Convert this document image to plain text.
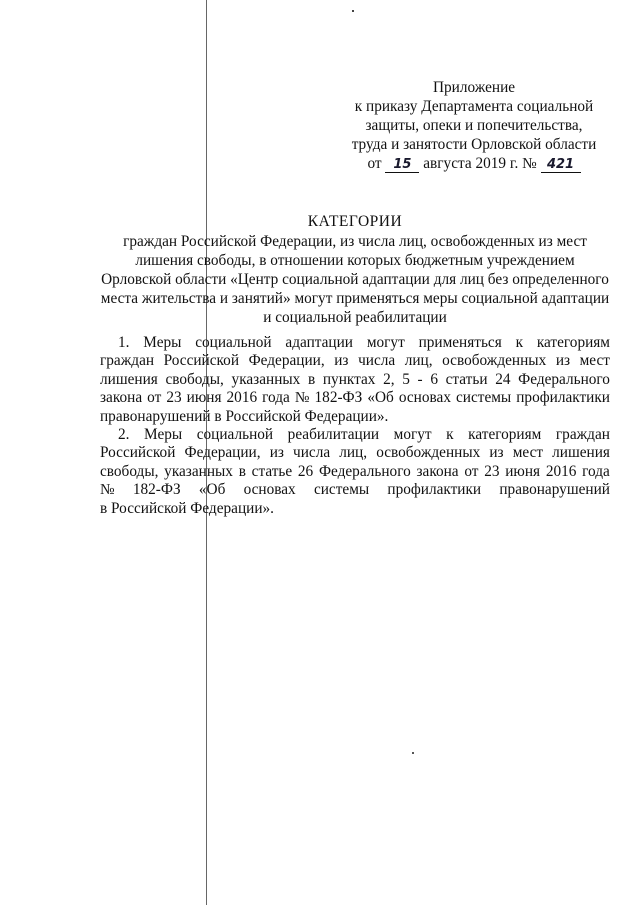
Приложение
к приказу Департамента социальной
защиты, опеки и попечительства,
труда и занятости Орловской области
от 15 августа 2019 г. № 421
КАТЕГОРИИ
граждан Российской Федерации, из числа лиц, освобожденных из мест
лишения свободы, в отношении которых бюджетным учреждением
Орловской области «Центр социальной адаптации для лиц без определенного
места жительства и занятий» могут применяться меры социальной адаптации
и социальной реабилитации
1. Меры социальной адаптации могут применяться к категориям
граждан Российской Федерации, из числа лиц, освобожденных из мест
лишения свободы, указанных в пунктах 2, 5 - 6 статьи 24 Федерального
закона от 23 июня 2016 года № 182-ФЗ «Об основах системы профилактики
правонарушений в Российской Федерации».
2. Меры социальной реабилитации могут к категориям граждан
Российской Федерации, из числа лиц, освобожденных из мест лишения
свободы, указанных в статье 26 Федерального закона от 23 июня 2016 года
№ 182-ФЗ «Об основах системы профилактики правонарушений
в Российской Федерации».
